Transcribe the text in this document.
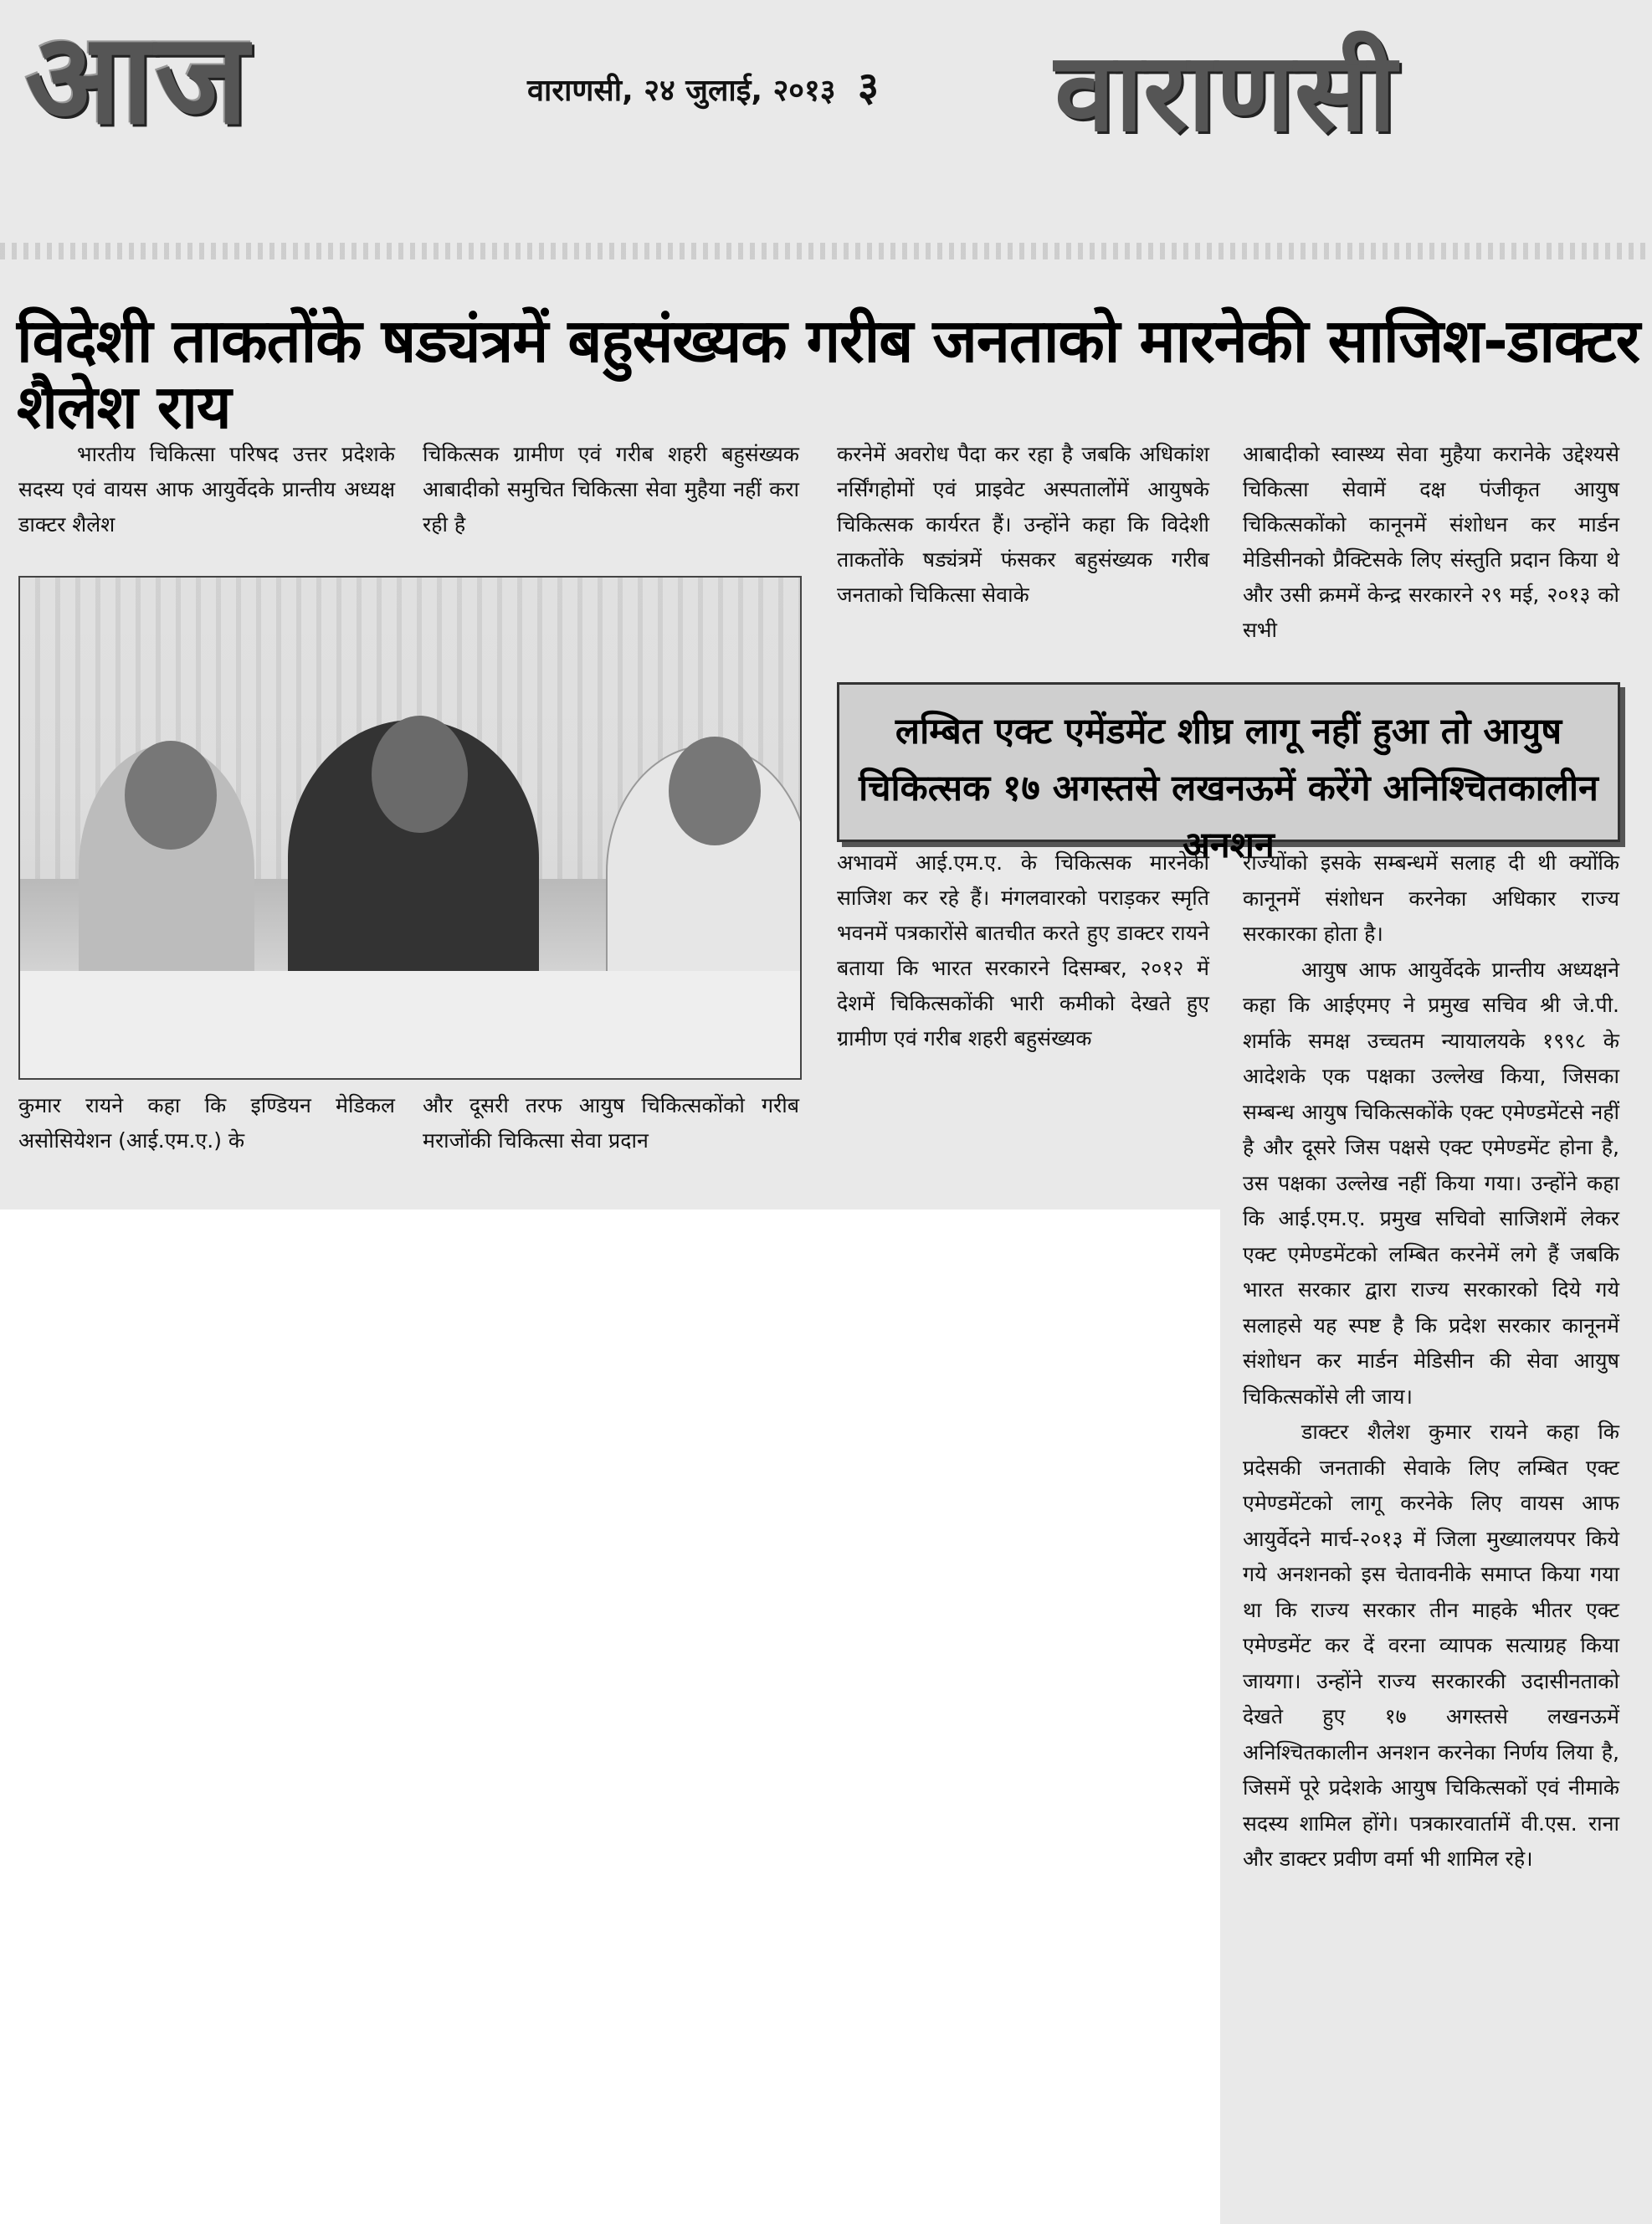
आज	वाराणसी, २४ जुलाई, २०१३ ३ वाराणसी
विदेशी ताकतोंके षड्यंत्रमें बहुसंख्यक गरीब जनताको मारनेकी साजिश-डाक्टर शैलेश राय

भारतीय चिकित्सा परिषद उत्तर प्रदेशके सदस्य एवं वायस आफ आयुर्वेदके प्रान्तीय अध्यक्ष डाक्टर शैलेश

कुमार रायने कहा कि इण्डियन मेडिकल असोसियेशन (आई.एम.ए.) के

चिकित्सक ग्रामीण एवं गरीब शहरी बहुसंख्यक आबादीको समुचित चिकित्सा सेवा मुहैया नहीं करा रही है

और दूसरी तरफ आयुष चिकित्सकोंको गरीब मराजोंकी चिकित्सा सेवा प्रदान

करनेमें अवरोध पैदा कर रहा है जबकि अधिकांश नर्सिंगहोमों एवं प्राइवेट अस्पतालोंमें आयुषके चिकित्सक कार्यरत हैं। उन्होंने कहा कि विदेशी ताकतोंके षड्यंत्रमें फंसकर बहुसंख्यक गरीब जनताको चिकित्सा सेवाके

लम्बित एक्ट एमेंडमेंट शीघ्र लागू नहीं हुआ तो आयुष चिकित्सक १७ अगस्तसे लखनऊमें करेंगे अनिश्चितकालीन अनशन

अभावमें आई.एम.ए. के चिकित्सक मारनेकी साजिश कर रहे हैं। मंगलवारको पराड़कर स्मृति भवनमें पत्रकारोंसे बातचीत करते हुए डाक्टर रायने बताया कि भारत सरकारने दिसम्बर, २०१२ में देशमें चिकित्सकोंकी भारी कमीको देखते हुए ग्रामीण एवं गरीब शहरी बहुसंख्यक

आबादीको स्वास्थ्य सेवा मुहैया करानेके उद्देश्यसे चिकित्सा सेवामें दक्ष पंजीकृत आयुष चिकित्सकोंको कानूनमें संशोधन कर मार्डन मेडिसीनको प्रैक्टिसके लिए संस्तुति प्रदान किया थे और उसी क्रममें केन्द्र सरकारने २९ मई, २०१३ को सभी

राज्योंको इसके सम्बन्धमें सलाह दी थी क्योंकि कानूनमें संशोधन करनेका अधिकार राज्य सरकारका होता है।

आयुष आफ आयुर्वेदके प्रान्तीय अध्यक्षने कहा कि आईएमए ने प्रमुख सचिव श्री जे.पी. शर्माके समक्ष उच्चतम न्यायालयके १९९८ के आदेशके एक पक्षका उल्लेख किया, जिसका सम्बन्ध आयुष चिकित्सकोंके एक्ट एमेण्डमेंटसे नहीं है और दूसरे जिस पक्षसे एक्ट एमेण्डमेंट होना है, उस पक्षका उल्लेख नहीं किया गया। उन्होंने कहा कि आई.एम.ए. प्रमुख सचिवो साजिशमें लेकर एक्ट एमेण्डमेंटको लम्बित करनेमें लगे हैं जबकि भारत सरकार द्वारा राज्य सरकारको दिये गये सलाहसे यह स्पष्ट है कि प्रदेश सरकार कानूनमें संशोधन कर मार्डन मेडिसीन की सेवा आयुष चिकित्सकोंसे ली जाय।

डाक्टर शैलेश कुमार रायने कहा कि प्रदेसकी जनताकी सेवाके लिए लम्बित एक्ट एमेण्डमेंटको लागू करनेके लिए वायस आफ आयुर्वेदने मार्च-२०१३ में जिला मुख्यालयपर किये गये अनशनको इस चेतावनीके समाप्त किया गया था कि राज्य सरकार तीन माहके भीतर एक्ट एमेण्डमेंट कर दें वरना व्यापक सत्याग्रह किया जायगा। उन्होंने राज्य सरकारकी उदासीनताको देखते हुए १७ अगस्तसे लखनऊमें अनिश्चितकालीन अनशन करनेका निर्णय लिया है, जिसमें पूरे प्रदेशके आयुष चिकित्सकों एवं नीमाके सदस्य शामिल होंगे। पत्रकारवार्तामें वी.एस. राना और डाक्टर प्रवीण वर्मा भी शामिल रहे।
